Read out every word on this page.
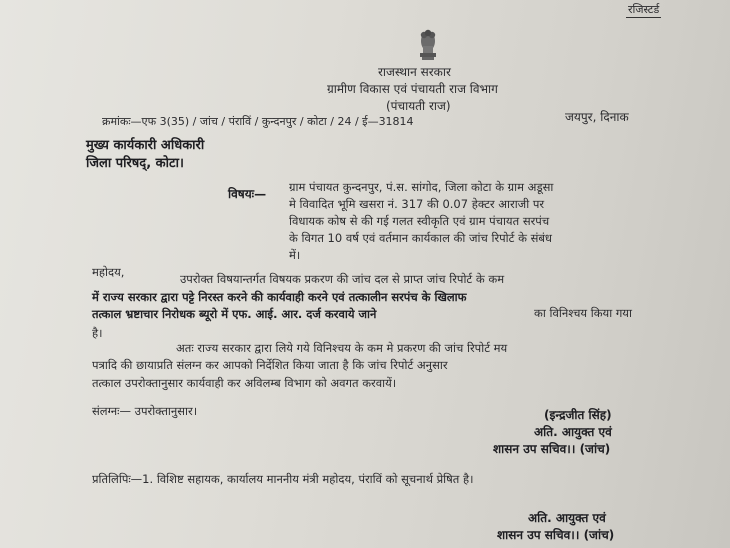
रजिस्टर्ड
राजस्थान सरकार
ग्रामीण विकास एवं पंचायती राज विभाग
(पंचायती राज)
क्रमांकः—एफ 3(35) / जांच / पंराविं / कुन्दनपुर / कोटा / 24 / ई—31814	जयपुर, दिनाक
मुख्य कार्यकारी अधिकारी
जिला परिषद्, कोटा।
विषयः— ग्राम पंचायत कुन्दनपुर, पं.स. सांगोद, जिला कोटा के ग्राम अडूसा
मे विवादित भूमि खसरा नं. 317 की 0.07 हेक्टर आराजी पर
विधायक कोष से की गई गलत स्वीकृति एवं ग्राम पंचायत सरपंच
के विगत 10 वर्ष एवं वर्तमान कार्यकाल की जांच रिपोर्ट के संबंध
में।
महोदय,	उपरोक्त विषयान्तर्गत विषयक प्रकरण की जांच दल से प्राप्त जांच रिपोर्ट के कम
में राज्य सरकार द्वारा पट्टे निरस्त करने की कार्यवाही करने एवं तत्कालीन सरपंच के खिलाफ
तत्काल भ्रष्टाचार निरोधक ब्यूरो में एफ. आई. आर. दर्ज करवाये जाने	का विनिश्चय किया गया
है।
अतः राज्य सरकार द्वारा लिये गये विनिश्चय के कम मे प्रकरण की जांच रिपोर्ट मय
पत्रादि की छायाप्रति संलग्न कर आपको निर्देशित किया जाता है कि जांच रिपोर्ट अनुसार
तत्काल उपरोक्तानुसार कार्यवाही कर अविलम्ब विभाग को अवगत करवायें।
संलग्नः— उपरोक्तानुसार।	(इन्द्रजीत सिंह)
अति. आयुक्त एवं
शासन उप सचिव।। (जांच)
प्रतिलिपिः—1. विशिष्ट सहायक, कार्यालय माननीय मंत्री महोदय, पंराविं को सूचनार्थ प्रेषित है।
अति. आयुक्त एवं
शासन उप सचिव।। (जांच)
